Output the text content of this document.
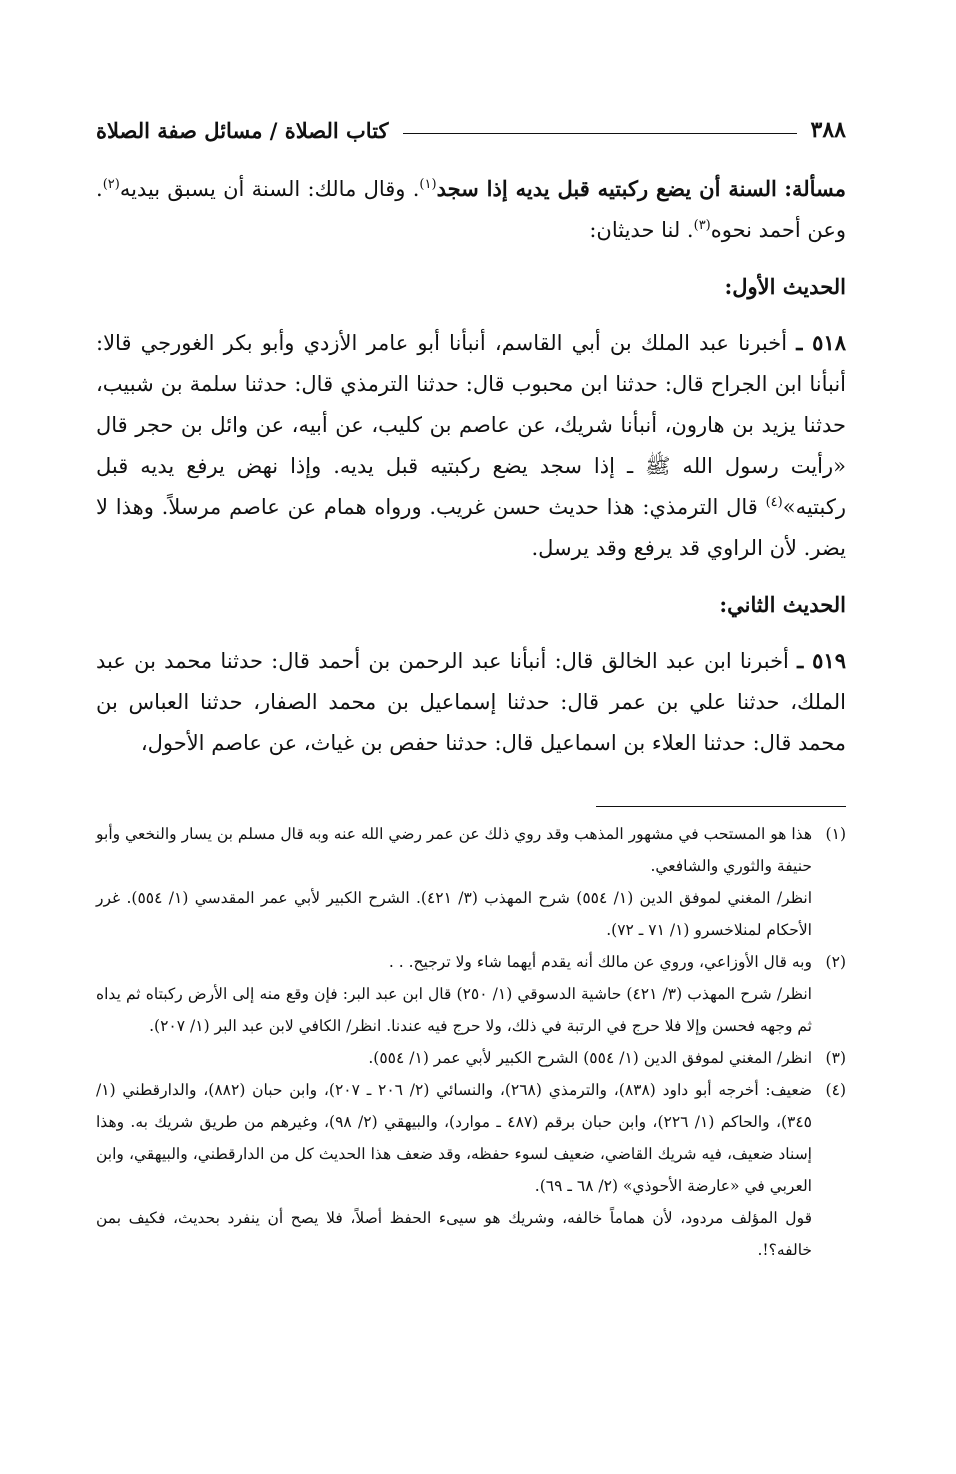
٣٨٨
كتاب الصلاة / مسائل صفة الصلاة

مسألة: السنة أن يضع ركبتيه قبل يديه إذا سجد$^{(١)}$. وقال مالك: السنة أن يسبق بيديه$^{(٢)}$. وعن أحمد نحوه$^{(٣)}$. لنا حديثان:

الحديث الأول:

٥١٨ ـ أخبرنا عبد الملك بن أبي القاسم، أنبأنا أبو عامر الأزدي وأبو بكر الغورجي قالا: أنبأنا ابن الجراح قال: حدثنا ابن محبوب قال: حدثنا الترمذي قال: حدثنا سلمة بن شبيب، حدثنا يزيد بن هارون، أنبأنا شريك، عن عاصم بن كليب، عن أبيه، عن وائل بن حجر قال «رأيت رسول الله ﷺ ـ إذا سجد يضع ركبتيه قبل يديه. وإذا نهض يرفع يديه قبل ركبتيه»$^{(٤)}$ قال الترمذي: هذا حديث حسن غريب. ورواه همام عن عاصم مرسلاً. وهذا لا يضر. لأن الراوي قد يرفع وقد يرسل.

الحديث الثاني:

٥١٩ ـ أخبرنا ابن عبد الخالق قال: أنبأنا عبد الرحمن بن أحمد قال: حدثنا محمد بن عبد الملك، حدثنا علي بن عمر قال: حدثنا إسماعيل بن محمد الصفار، حدثنا العباس بن محمد قال: حدثنا العلاء بن اسماعيل قال: حدثنا حفص بن غياث، عن عاصم الأحول،

(١)

هذا هو المستحب في مشهور المذهب وقد روي ذلك عن عمر رضي الله عنه وبه قال مسلم بن يسار والنخعي وأبو حنيفة والثوري والشافعي.

انظر/ المغني لموفق الدين (١/ ٥٥٤) شرح المهذب (٣/ ٤٢١). الشرح الكبير لأبي عمر المقدسي (١/ ٥٥٤). غرر الأحكام لمنلاخسرو (١/ ٧١ ـ ٧٢).

(٢)

وبه قال الأوزاعي، وروي عن مالك أنه يقدم أيهما شاء ولا ترجيح. . .

انظر/ شرح المهذب (٣/ ٤٢١) حاشية الدسوقي (١/ ٢٥٠) قال ابن عبد البر: فإن وقع منه إلى الأرض ركبتاه ثم يداه ثم وجهه فحسن وإلا فلا حرج في الرتبة في ذلك، ولا حرج فيه عندنا. انظر/ الكافي لابن عبد البر (١/ ٢٠٧).

(٣)

انظر/ المغني لموفق الدين (١/ ٥٥٤) الشرح الكبير لأبي عمر (١/ ٥٥٤).

(٤)

ضعيف: أخرجه أبو داود (٨٣٨)، والترمذي (٢٦٨)، والنسائي (٢/ ٢٠٦ ـ ٢٠٧)، وابن حبان (٨٨٢)، والدارقطني (١/ ٣٤٥)، والحاكم (١/ ٢٢٦)، وابن حبان برقم (٤٨٧ ـ موارد)، والبيهقي (٢/ ٩٨)، وغيرهم من طريق شريك به. وهذا إسناد ضعيف، فيه شريك القاضي، ضعيف لسوء حفظه، وقد ضعف هذا الحديث كل من الدارقطني، والبيهقي، وابن العربي في «عارضة الأحوذي» (٢/ ٦٨ ـ ٦٩).

قول المؤلف مردود، لأن هماماً خالفه، وشريك هو سيىء الحفظ أصلاً، فلا يصح أن ينفرد بحديث، فكيف بمن خالفه؟!.
